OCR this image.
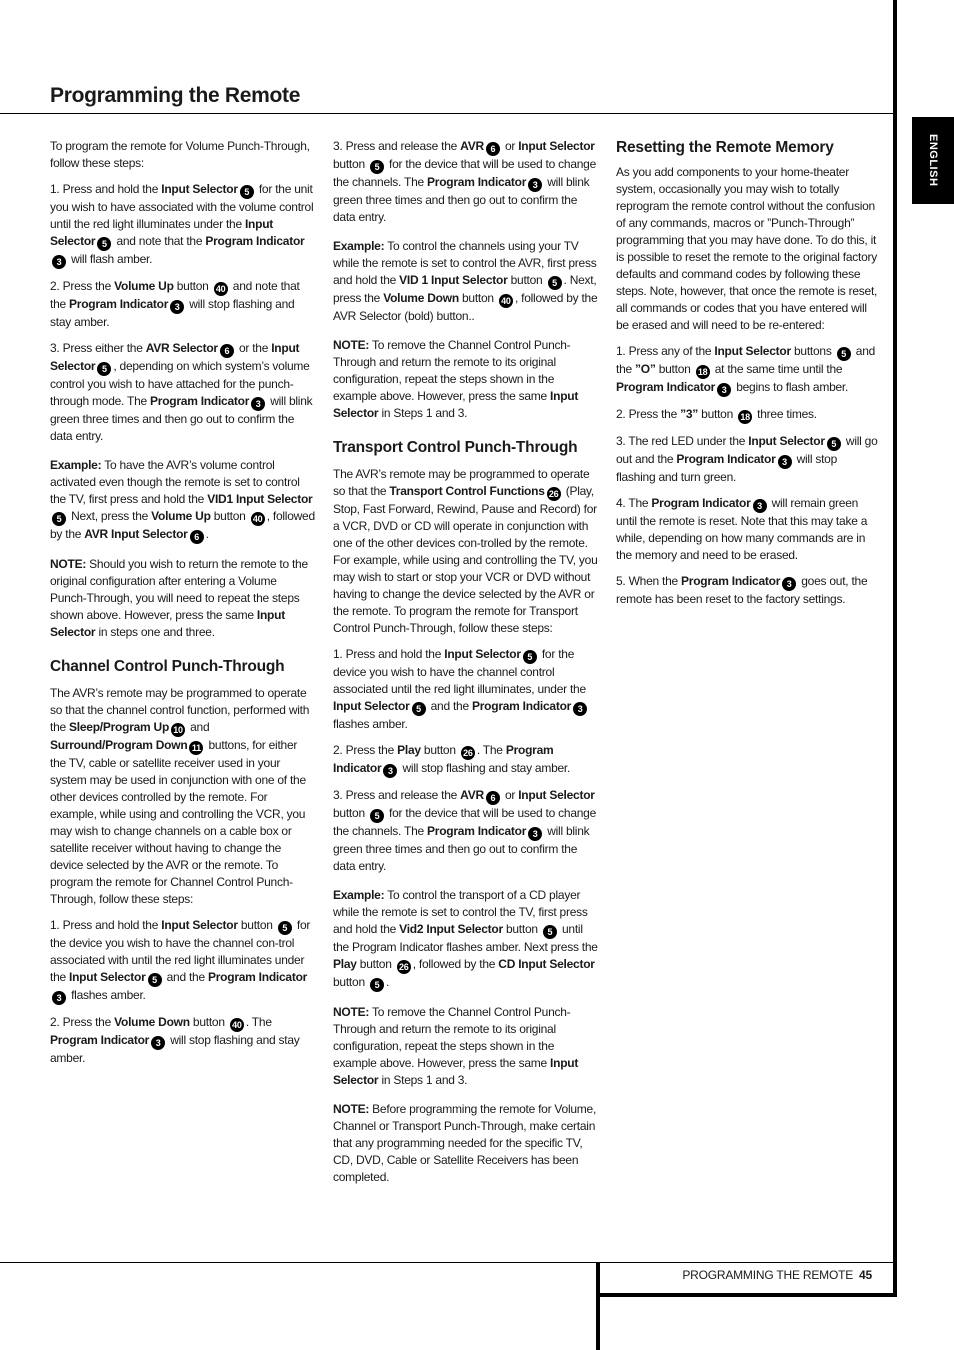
ENGLISH
Programming the Remote

To program the remote for Volume Punch-Through, follow these steps:

1. Press and hold the Input Selector 5 for the unit you wish to have associated with the volume control until the red light illuminates under the Input Selector 5 and note that the Program Indicator3 will flash amber.

2. Press the Volume Up button 40 and note that the Program Indicator 3 will stop flashing and stay amber.

3. Press either the AVR Selector 6 or the Input Selector 5 , depending on which system’s volume control you wish to have attached for the punch-through mode. The Program Indicator 3 will blink green three times and then go out to confirm the data entry.

Example: To have the AVR’s volume control activated even though the remote is set to control the TV, first press and hold the VID1 Input Selector5 Next, press the Volume Up button 40 , followed by the AVR Input Selector 6 .

NOTE: Should you wish to return the remote to the original configuration after entering a Volume Punch-Through, you will need to repeat the steps shown above. However, press the same Input Selector in steps one and three.

Channel Control Punch-Through

The AVR’s remote may be programmed to operate so that the channel control function, performed with the Sleep/Program Up 10 and Surround/Program Down 11 buttons, for either the TV, cable or satellite receiver used in your system may be used in conjunction with one of the other devices controlled by the remote. For example, while using and controlling the VCR, you may wish to change channels on a cable box or satellite receiver without having to change the device selected by the AVR or the remote. To program the remote for Channel Control Punch-Through, follow these steps:

1. Press and hold the Input Selector button 5 for the device you wish to have the channel con-trol associated with until the red light illuminates under the Input Selector 5 and the Program Indicator3 flashes amber.

2. Press the Volume Down button 40 . The Program Indicator 3 will stop flashing and stay amber.

3. Press and release the AVR 6 or Input Selector button 5 for the device that will be used to change the channels. The Program Indicator 3 will blink green three times and then go out to confirm the data entry.

Example: To control the channels using your TV while the remote is set to control the AVR, first press and hold the VID 1 Input Selector button 5 . Next, press the Volume Down button 40 , followed by the AVR Selector (bold) button..

NOTE: To remove the Channel Control Punch-Through and return the remote to its original configuration, repeat the steps shown in the example above. However, press the same Input Selector in Steps 1 and 3.

Transport Control Punch-Through

The AVR’s remote may be programmed to operate so that the Transport Control Functions 26 (Play, Stop, Fast Forward, Rewind, Pause and Record) for a VCR, DVD or CD will operate in conjunction with one of the other devices con-trolled by the remote. For example, while using and controlling the TV, you may wish to start or stop your VCR or DVD without having to change the device selected by the AVR or the remote. To program the remote for Transport Control Punch-Through, follow these steps:

1. Press and hold the Input Selector 5 for the device you wish to have the channel control associated until the red light illuminates, under the Input Selector 5 and the Program Indicator 3 flashes amber.

2. Press the Play button 26 . The Program Indicator 3 will stop flashing and stay amber.

3. Press and release the AVR 6 or Input Selector button 5 for the device that will be used to change the channels. The Program Indicator 3 will blink green three times and then go out to confirm the data entry.

Example: To control the transport of a CD player while the remote is set to control the TV, first press and hold the Vid2 Input Selector button 5 until the Program Indicator flashes amber. Next press the Play button 26 , followed by the CD Input Selector button 5 .

NOTE: To remove the Channel Control Punch-Through and return the remote to its original configuration, repeat the steps shown in the example above. However, press the same Input Selector in Steps 1 and 3.

NOTE: Before programming the remote for Volume, Channel or Transport Punch-Through, make certain that any programming needed for the specific TV, CD, DVD, Cable or Satellite Receivers has been completed.

Resetting the Remote Memory

As you add components to your home-theater system, occasionally you may wish to totally reprogram the remote control without the confusion of any commands, macros or ”Punch-Through” programming that you may have done. To do this, it is possible to reset the remote to the original factory defaults and command codes by following these steps. Note, however, that once the remote is reset, all commands or codes that you have entered will be erased and will need to be re-entered:

1. Press any of the Input Selector buttons 5 and the ”O” button 18 at the same time until the Program Indicator 3 begins to flash amber.

2. Press the ”3” button 18 three times.

3. The red LED under the Input Selector 5 will go out and the Program Indicator 3 will stop flashing and turn green.

4. The Program Indicator 3 will remain green until the remote is reset. Note that this may take a while, depending on how many commands are in the memory and need to be erased.

5. When the Program Indicator 3 goes out, the remote has been reset to the factory settings.

PROGRAMMING THE REMOTE 45
